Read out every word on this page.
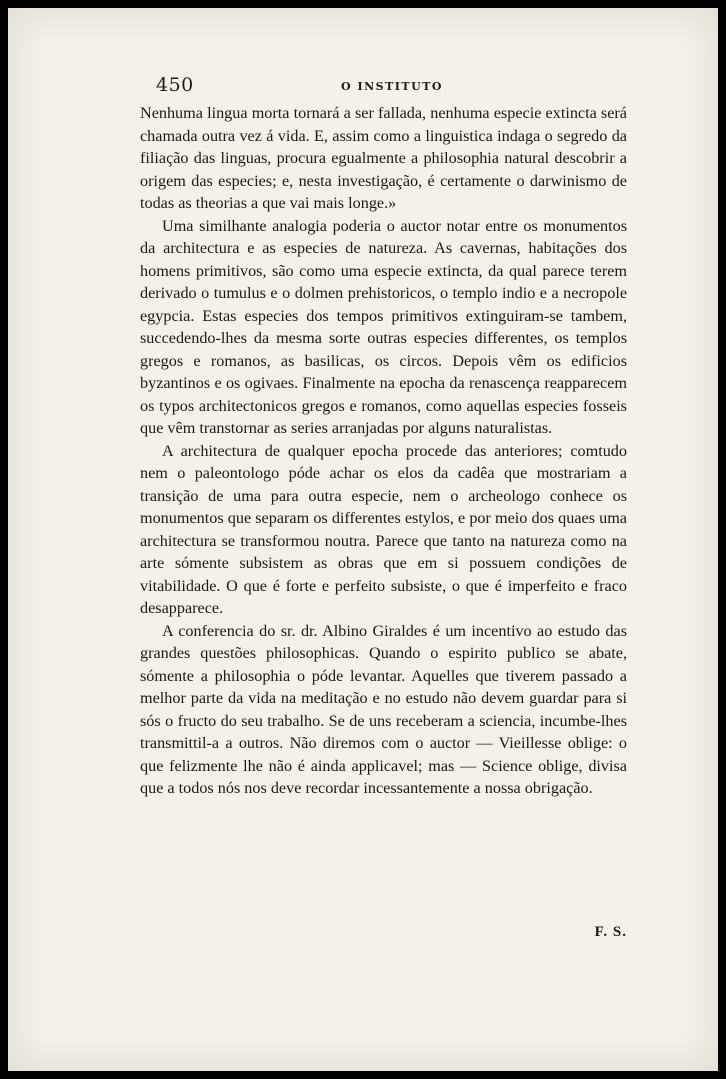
450	O INSTITUTO

Nenhuma lingua morta tornará a ser fallada, nenhuma especie extincta será chamada outra vez á vida. E, assim como a linguistica indaga o segredo da filiação das linguas, procura egualmente a philosophia natural descobrir a origem das especies; e, nesta investigação, é certamente o darwinismo de todas as theorias a que vai mais longe.»

Uma similhante analogia poderia o auctor notar entre os monumentos da architectura e as especies de natureza. As cavernas, habitações dos homens primitivos, são como uma especie extincta, da qual parece terem derivado o tumulus e o dolmen prehistoricos, o templo indio e a necropole egypcia. Estas especies dos tempos primitivos extinguiram-se tambem, succedendo-lhes da mesma sorte outras especies differentes, os templos gregos e romanos, as basilicas, os circos. Depois vêm os edificios byzantinos e os ogivaes. Finalmente na epocha da renascença reapparecem os typos architectonicos gregos e romanos, como aquellas especies fosseis que vêm transtornar as series arranjadas por alguns naturalistas.

A architectura de qualquer epocha procede das anteriores; comtudo nem o paleontologo póde achar os elos da cadêa que mostrariam a transição de uma para outra especie, nem o archeologo conhece os monumentos que separam os differentes estylos, e por meio dos quaes uma architectura se transformou noutra. Parece que tanto na natureza como na arte sómente subsistem as obras que em si possuem condições de vitabilidade. O que é forte e perfeito subsiste, o que é imperfeito e fraco desapparece.

A conferencia do sr. dr. Albino Giraldes é um incentivo ao estudo das grandes questões philosophicas. Quando o espirito publico se abate, sómente a philosophia o póde levantar. Aquelles que tiverem passado a melhor parte da vida na meditação e no estudo não devem guardar para si sós o fructo do seu trabalho. Se de uns receberam a sciencia, incumbe-lhes transmittil-a a outros. Não diremos com o auctor — Vieillesse oblige: o que felizmente lhe não é ainda applicavel; mas — Science oblige, divisa que a todos nós nos deve recordar incessantemente a nossa obrigação.

F. S.
